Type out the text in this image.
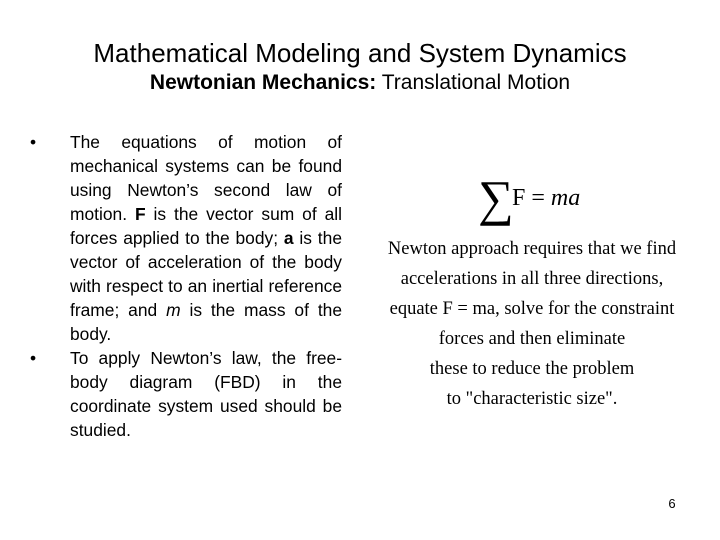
Mathematical Modeling and System Dynamics
Newtonian Mechanics: Translational Motion
•	The equations of motion of mechanical systems can be found using Newton’s second law of motion. F is the vector sum of all forces applied to the body; a is the vector of acceleration of the body with respect to an inertial reference frame; and m is the mass of the body.
•	To apply Newton’s law, the free-body diagram (FBD) in the coordinate system used should be studied.
∑
F = ma
Newton approach requires that we find
accelerations in all three directions,
equate F = ma, solve for the constraint
forces and then eliminate
these to reduce the problem
to "characteristic size".
6
